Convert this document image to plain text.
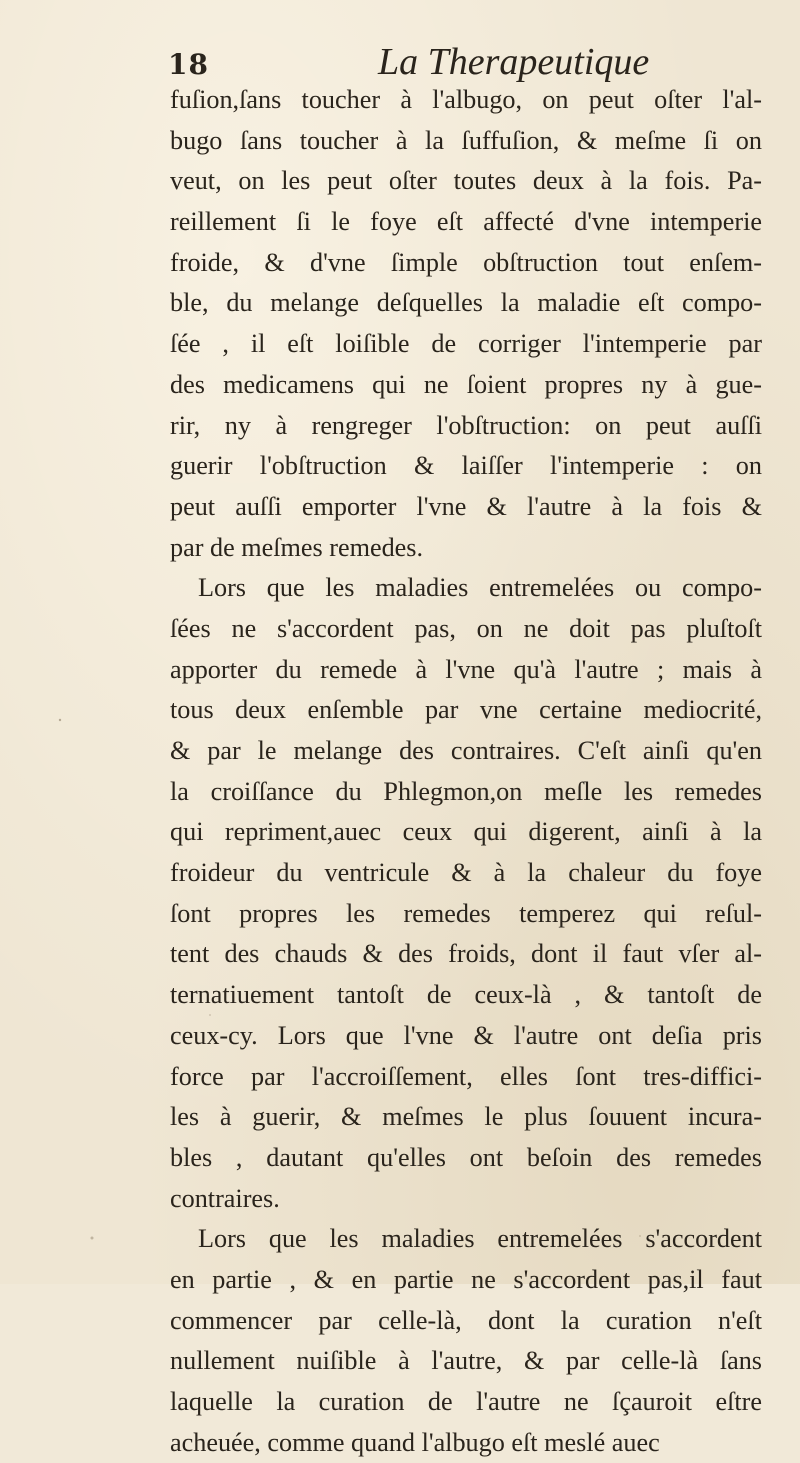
18	La Therapeutique
fuſion,ſans toucher à l'albugo, on peut oſter l'al-
bugo ſans toucher à la ſuffuſion, & meſme ſi on
veut, on les peut oſter toutes deux à la fois. Pa-
reillement ſi le foye eſt affecté d'vne intemperie
froide, & d'vne ſimple obſtruction tout enſem-
ble, du melange deſquelles la maladie eſt compo-
ſée , il eſt loiſible de corriger l'intemperie par
des medicamens qui ne ſoient propres ny à gue-
rir, ny à rengreger l'obſtruction: on peut auſſi
guerir l'obſtruction & laiſſer l'intemperie : on
peut auſſi emporter l'vne & l'autre à la fois &
par de meſmes remedes.
Lors que les maladies entremelées ou compo-
ſées ne s'accordent pas, on ne doit pas pluſtoſt
apporter du remede à l'vne qu'à l'autre ; mais à
tous deux enſemble par vne certaine mediocrité,
& par le melange des contraires. C'eſt ainſi qu'en
la croiſſance du Phlegmon,on meſle les remedes
qui repriment,auec ceux qui digerent, ainſi à la
froideur du ventricule & à la chaleur du foye
ſont propres les remedes temperez qui reſul-
tent des chauds & des froids, dont il faut vſer al-
ternatiuement tantoſt de ceux-là , & tantoſt de
ceux-cy. Lors que l'vne & l'autre ont deſia pris
force par l'accroiſſement, elles ſont tres-diffici-
les à guerir, & meſmes le plus ſouuent incura-
bles , dautant qu'elles ont beſoin des remedes
contraires.
Lors que les maladies entremelées s'accordent
en partie , & en partie ne s'accordent pas,il faut
commencer par celle-là, dont la curation n'eſt
nullement nuiſible à l'autre, & par celle-là ſans
laquelle la curation de l'autre ne ſçauroit eſtre
acheuée, comme quand l'albugo eſt meslé auec
